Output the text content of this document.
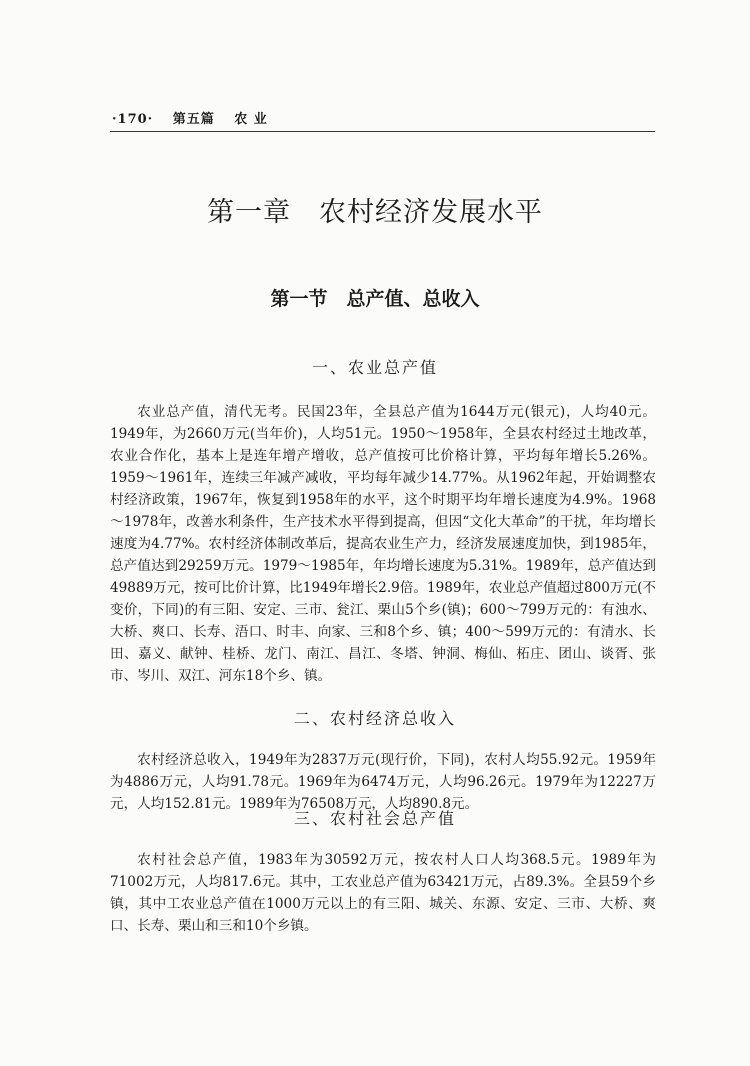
·170· 第五篇 农 业
第一章　农村经济发展水平
第一节　总产值、总收入
一、农业总产值
农业总产值，清代无考。民国23年，全县总产值为1644万元(银元)，人均40元。1949年，为2660万元(当年价)，人均51元。1950～1958年，全县农村经过土地改革，农业合作化，基本上是连年增产增收，总产值按可比价格计算，平均每年增长5.26%。1959～1961年，连续三年减产减收，平均每年减少14.77%。从1962年起，开始调整农村经济政策，1967年，恢复到1958年的水平，这个时期平均年增长速度为4.9%。1968～1978年，改善水利条件，生产技术水平得到提高，但因“文化大革命”的干扰，年均增长速度为4.77%。农村经济体制改革后，提高农业生产力，经济发展速度加快，到1985年，总产值达到29259万元。1979～1985年，年均增长速度为5.31%。1989年，总产值达到49889万元，按可比价计算，比1949年增长2.9倍。1989年，农业总产值超过800万元(不变价，下同)的有三阳、安定、三市、瓮江、栗山5个乡(镇)；600～799万元的：有浊水、大桥、爽口、长寿、浯口、时丰、向家、三和8个乡、镇；400～599万元的：有清水、长田、嘉义、献钟、桂桥、龙门、南江、昌江、冬塔、钟洞、梅仙、柘庄、团山、谈胥、张市、岑川、双江、河东18个乡、镇。
二、农村经济总收入
农村经济总收入，1949年为2837万元(现行价，下同)，农村人均55.92元。1959年为4886万元，人均91.78元。1969年为6474万元，人均96.26元。1979年为12227万元，人均152.81元。1989年为76508万元，人均890.8元。
三、农村社会总产值
农村社会总产值，1983年为30592万元，按农村人口人均368.5元。1989年为71002万元，人均817.6元。其中，工农业总产值为63421万元，占89.3%。全县59个乡镇，其中工农业总产值在1000万元以上的有三阳、城关、东源、安定、三市、大桥、爽口、长寿、栗山和三和10个乡镇。
